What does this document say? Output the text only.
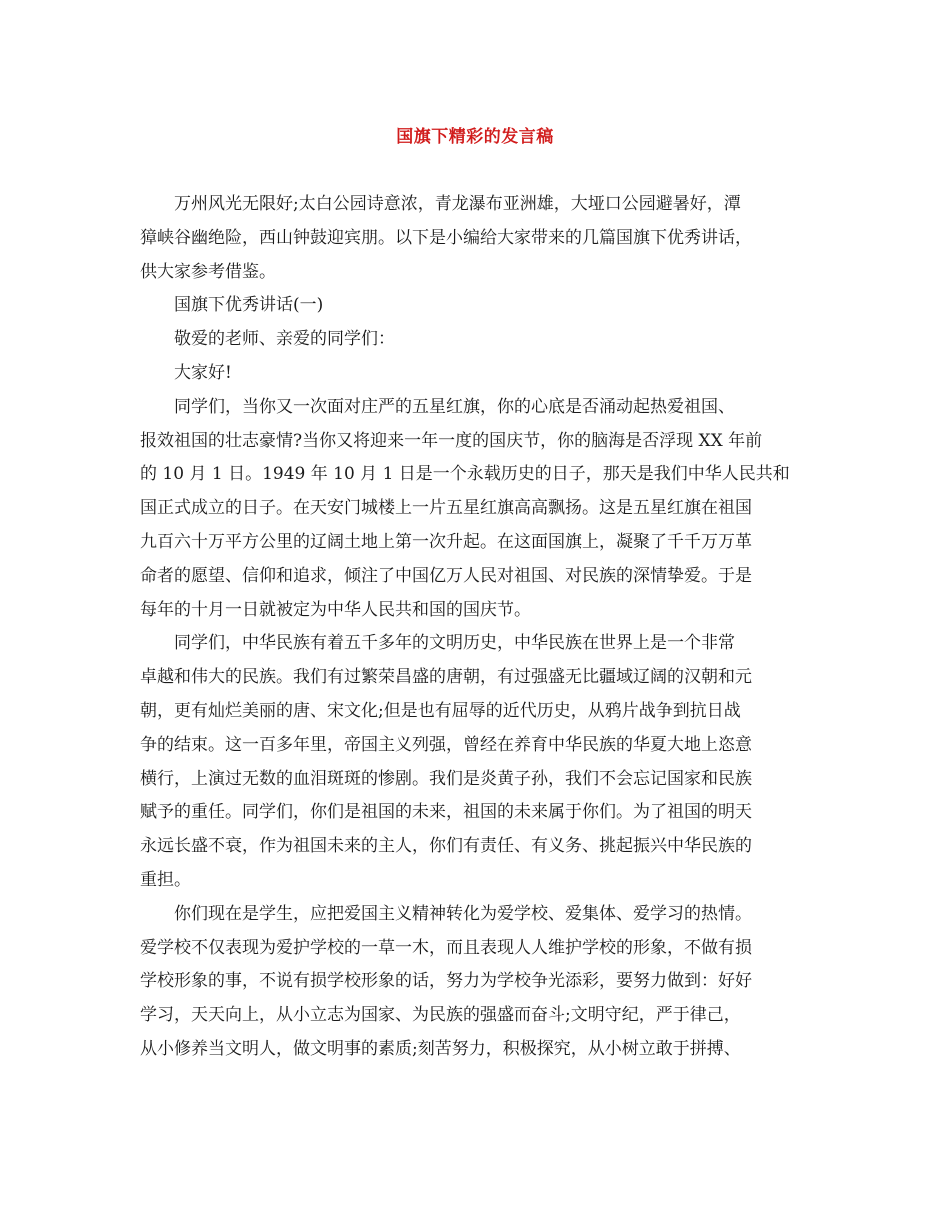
国旗下精彩的发言稿
万州风光无限好;太白公园诗意浓，青龙瀑布亚洲雄，大垭口公园避暑好，潭
獐峡谷幽绝险，西山钟鼓迎宾朋。以下是小编给大家带来的几篇国旗下优秀讲话，
供大家参考借鉴。
国旗下优秀讲话(一)
敬爱的老师、亲爱的同学们：
大家好!
同学们，当你又一次面对庄严的五星红旗，你的心底是否涌动起热爱祖国、
报效祖国的壮志豪情?当你又将迎来一年一度的国庆节，你的脑海是否浮现 XX 年前
的 10 月 1 日。1949 年 10 月 1 日是一个永载历史的日子，那天是我们中华人民共和
国正式成立的日子。在天安门城楼上一片五星红旗高高飘扬。这是五星红旗在祖国
九百六十万平方公里的辽阔土地上第一次升起。在这面国旗上，凝聚了千千万万革
命者的愿望、信仰和追求，倾注了中国亿万人民对祖国、对民族的深情挚爱。于是
每年的十月一日就被定为中华人民共和国的国庆节。
同学们，中华民族有着五千多年的文明历史，中华民族在世界上是一个非常
卓越和伟大的民族。我们有过繁荣昌盛的唐朝，有过强盛无比疆域辽阔的汉朝和元
朝，更有灿烂美丽的唐、宋文化;但是也有屈辱的近代历史，从鸦片战争到抗日战
争的结束。这一百多年里，帝国主义列强，曾经在养育中华民族的华夏大地上恣意
横行，上演过无数的血泪斑斑的惨剧。我们是炎黄子孙，我们不会忘记国家和民族
赋予的重任。同学们，你们是祖国的未来，祖国的未来属于你们。为了祖国的明天
永远长盛不衰，作为祖国未来的主人，你们有责任、有义务、挑起振兴中华民族的
重担。
你们现在是学生，应把爱国主义精神转化为爱学校、爱集体、爱学习的热情。
爱学校不仅表现为爱护学校的一草一木，而且表现人人维护学校的形象，不做有损
学校形象的事，不说有损学校形象的话，努力为学校争光添彩，要努力做到：好好
学习，天天向上，从小立志为国家、为民族的强盛而奋斗;文明守纪，严于律己，
从小修养当文明人，做文明事的素质;刻苦努力，积极探究，从小树立敢于拼搏、
